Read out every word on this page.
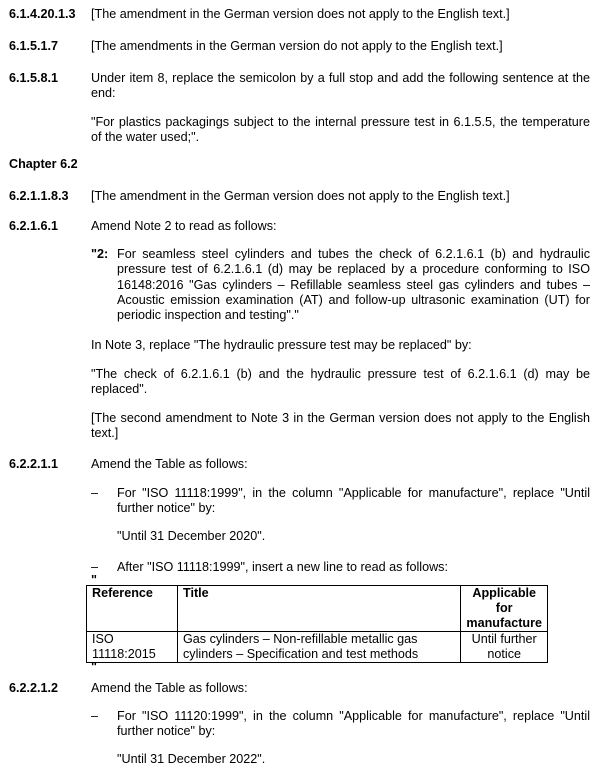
6.1.4.20.1.3 [The amendment in the German version does not apply to the English text.]
6.1.5.1.7	[The amendments in the German version do not apply to the English text.]
6.1.5.8.1	Under item 8, replace the semicolon by a full stop and add the following sentence at the end:
"For plastics packagings subject to the internal pressure test in 6.1.5.5, the temperature of the water used;".
Chapter 6.2
6.2.1.1.8.3 [The amendment in the German version does not apply to the English text.]
6.2.1.6.1	Amend Note 2 to read as follows:
"2: For seamless steel cylinders and tubes the check of 6.2.1.6.1 (b) and hydraulic pressure test of 6.2.1.6.1 (d) may be replaced by a procedure conforming to ISO 16148:2016 "Gas cylinders – Refillable seamless steel gas cylinders and tubes – Acoustic emission examination (AT) and follow-up ultrasonic examination (UT) for periodic inspection and testing"."
In Note 3, replace "The hydraulic pressure test may be replaced" by:
"The check of 6.2.1.6.1 (b) and the hydraulic pressure test of 6.2.1.6.1 (d) may be replaced".
[The second amendment to Note 3 in the German version does not apply to the English text.]
6.2.2.1.1	Amend the Table as follows:
– For "ISO 11118:1999", in the column "Applicable for manufacture", replace "Until further notice" by:
"Until 31 December 2020".
– After "ISO 11118:1999", insert a new line to read as follows:
"
Reference	Title	Applicable for manufacture
ISO 11118:2015	Gas cylinders – Non-refillable metallic gas cylinders – Specification and test methods	Until further notice
"
6.2.2.1.2	Amend the Table as follows:
– For "ISO 11120:1999", in the column "Applicable for manufacture", replace "Until further notice" by:
"Until 31 December 2022".
